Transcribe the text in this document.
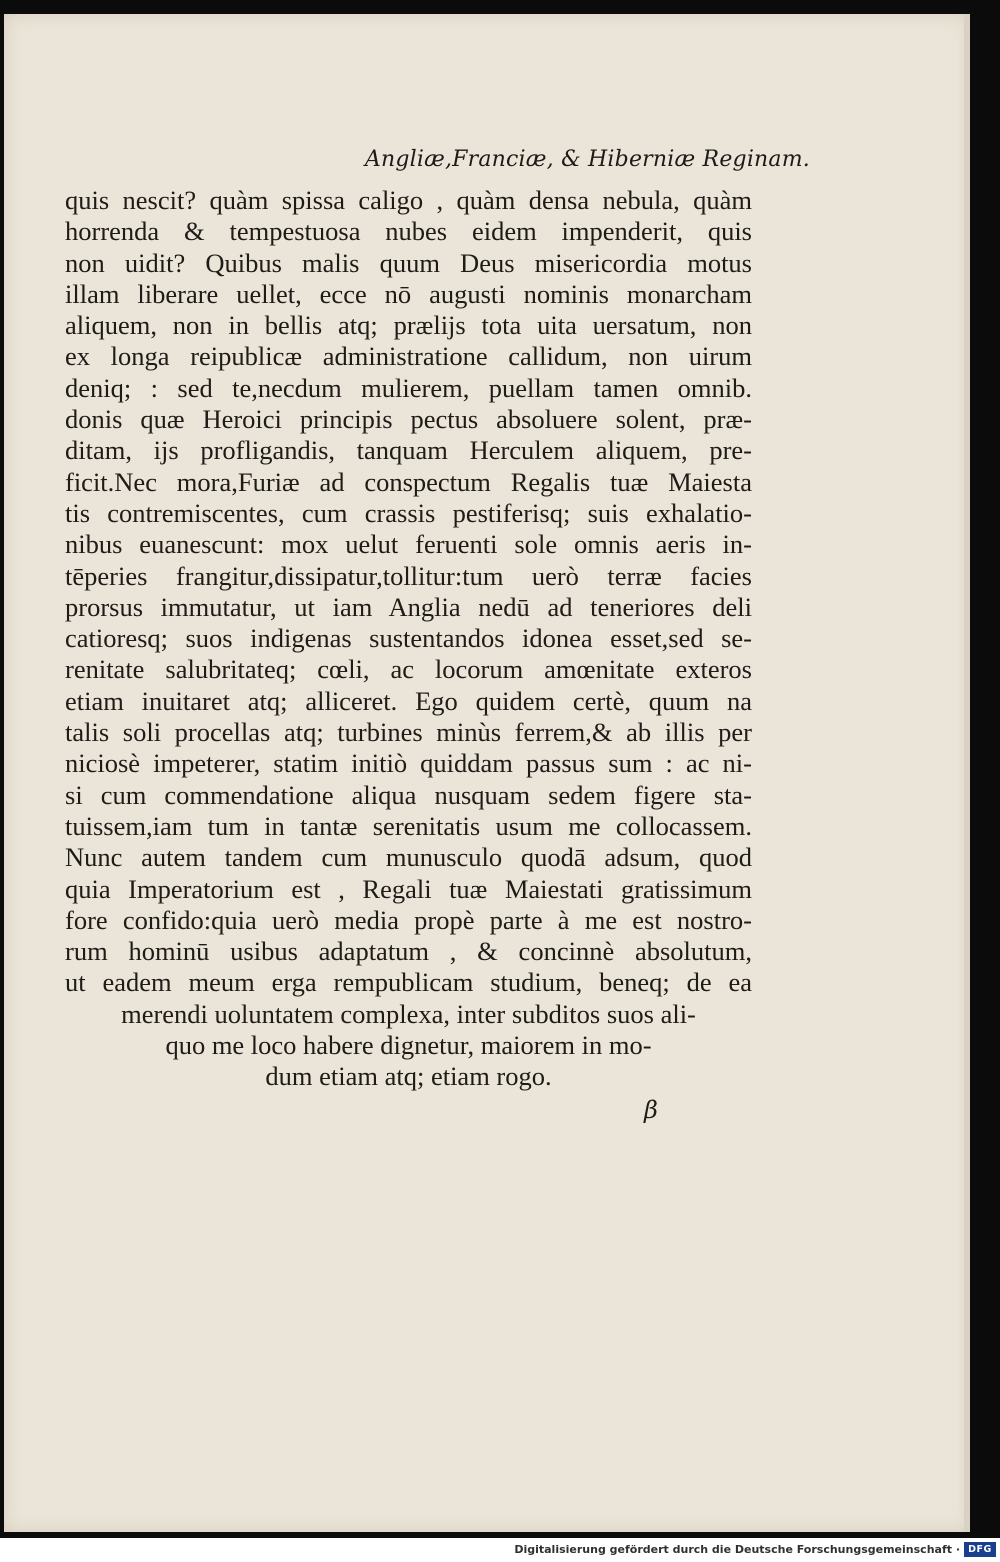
Angliæ,Franciæ, & Hiberniæ Reginam.
quis nescit? quàm spissa caligo , quàm densa nebula, quàm
horrenda & tempestuosa nubes eidem impenderit, quis
non uidit? Quibus malis quum Deus misericordia motus
illam liberare uellet, ecce nō augusti nominis monarcham
aliquem, non in bellis atq; prælijs tota uita uersatum, non
ex longa reipublicæ administratione callidum, non uirum
deniq; : sed te,necdum mulierem, puellam tamen omnib.
donis quæ Heroici principis pectus absoluere solent, præ-
ditam, ijs profligandis, tanquam Herculem aliquem, pre-
ficit.Nec mora,Furiæ ad conspectum Regalis tuæ Maiesta
tis contremiscentes, cum crassis pestiferisq; suis exhalatio-
nibus euanescunt: mox uelut feruenti sole omnis aeris in-
tēperies frangitur,dissipatur,tollitur:tum uerò terræ facies
prorsus immutatur, ut iam Anglia nedū ad teneriores deli
catioresq; suos indigenas sustentandos idonea esset,sed se-
renitate salubritateq; cœli, ac locorum amœnitate exteros
etiam inuitaret atq; alliceret. Ego quidem certè, quum na
talis soli procellas atq; turbines minùs ferrem,& ab illis per
niciosè impeterer, statim initiò quiddam passus sum : ac ni-
si cum commendatione aliqua nusquam sedem figere sta-
tuissem,iam tum in tantæ serenitatis usum me collocassem.
Nunc autem tandem cum munusculo quodā adsum, quod
quia Imperatorium est , Regali tuæ Maiestati gratissimum
fore confido:quia uerò media propè parte à me est nostro-
rum hominū usibus adaptatum , & concinnè absolutum,
ut eadem meum erga rempublicam studium, beneq; de ea
merendi uoluntatem complexa, inter subditos suos ali-
quo me loco habere dignetur, maiorem in mo-
dum etiam atq; etiam rogo.
β
Digitalisierung gefördert durch die Deutsche Forschungsgemeinschaft · DFG
